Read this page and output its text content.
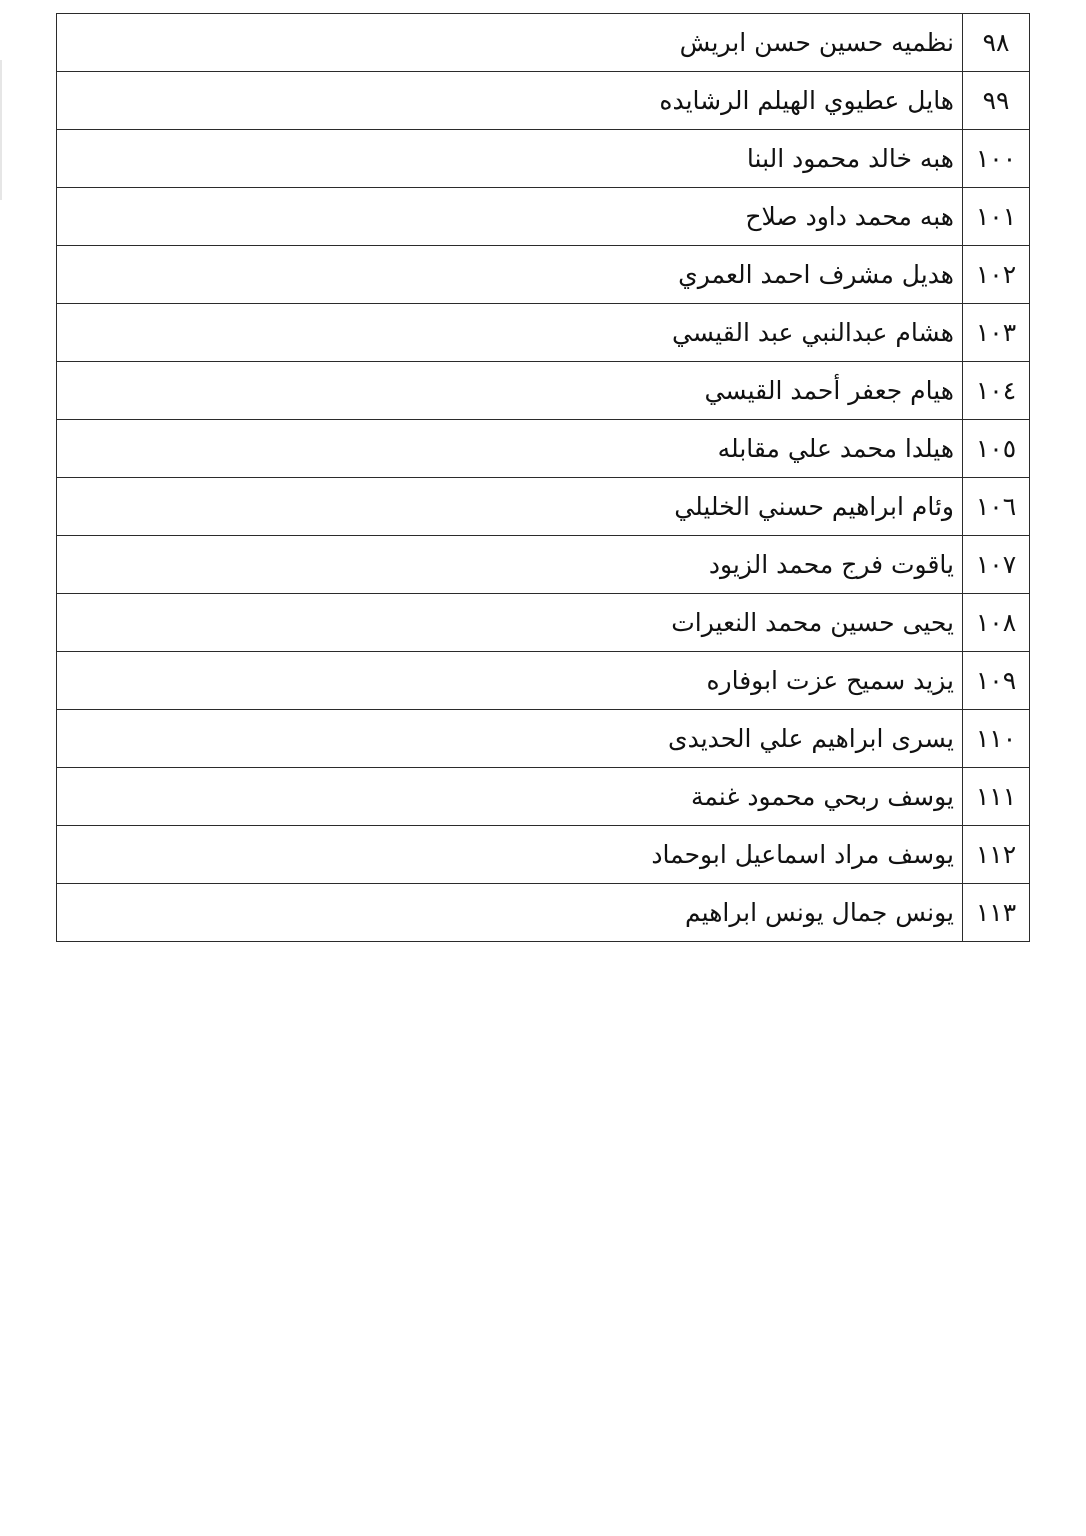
٩٨	نظميه حسين حسن ابريش
٩٩	هايل عطيوي الهيلم الرشايده
١٠٠	هبه خالد محمود البنا
١٠١	هبه محمد داود صلاح
١٠٢	هديل مشرف احمد العمري
١٠٣	هشام عبدالنبي عبد القيسي
١٠٤	هيام جعفر أحمد القيسي
١٠٥	هيلدا محمد علي مقابله
١٠٦	وئام ابراهيم حسني الخليلي
١٠٧	ياقوت فرج محمد الزيود
١٠٨	يحيى حسين محمد النعيرات
١٠٩	يزيد سميح عزت ابوفاره
١١٠	يسرى ابراهيم علي الحديدى
١١١	يوسف ربحي محمود غنمة
١١٢	يوسف مراد اسماعيل ابوحماد
١١٣	يونس جمال يونس ابراهيم
